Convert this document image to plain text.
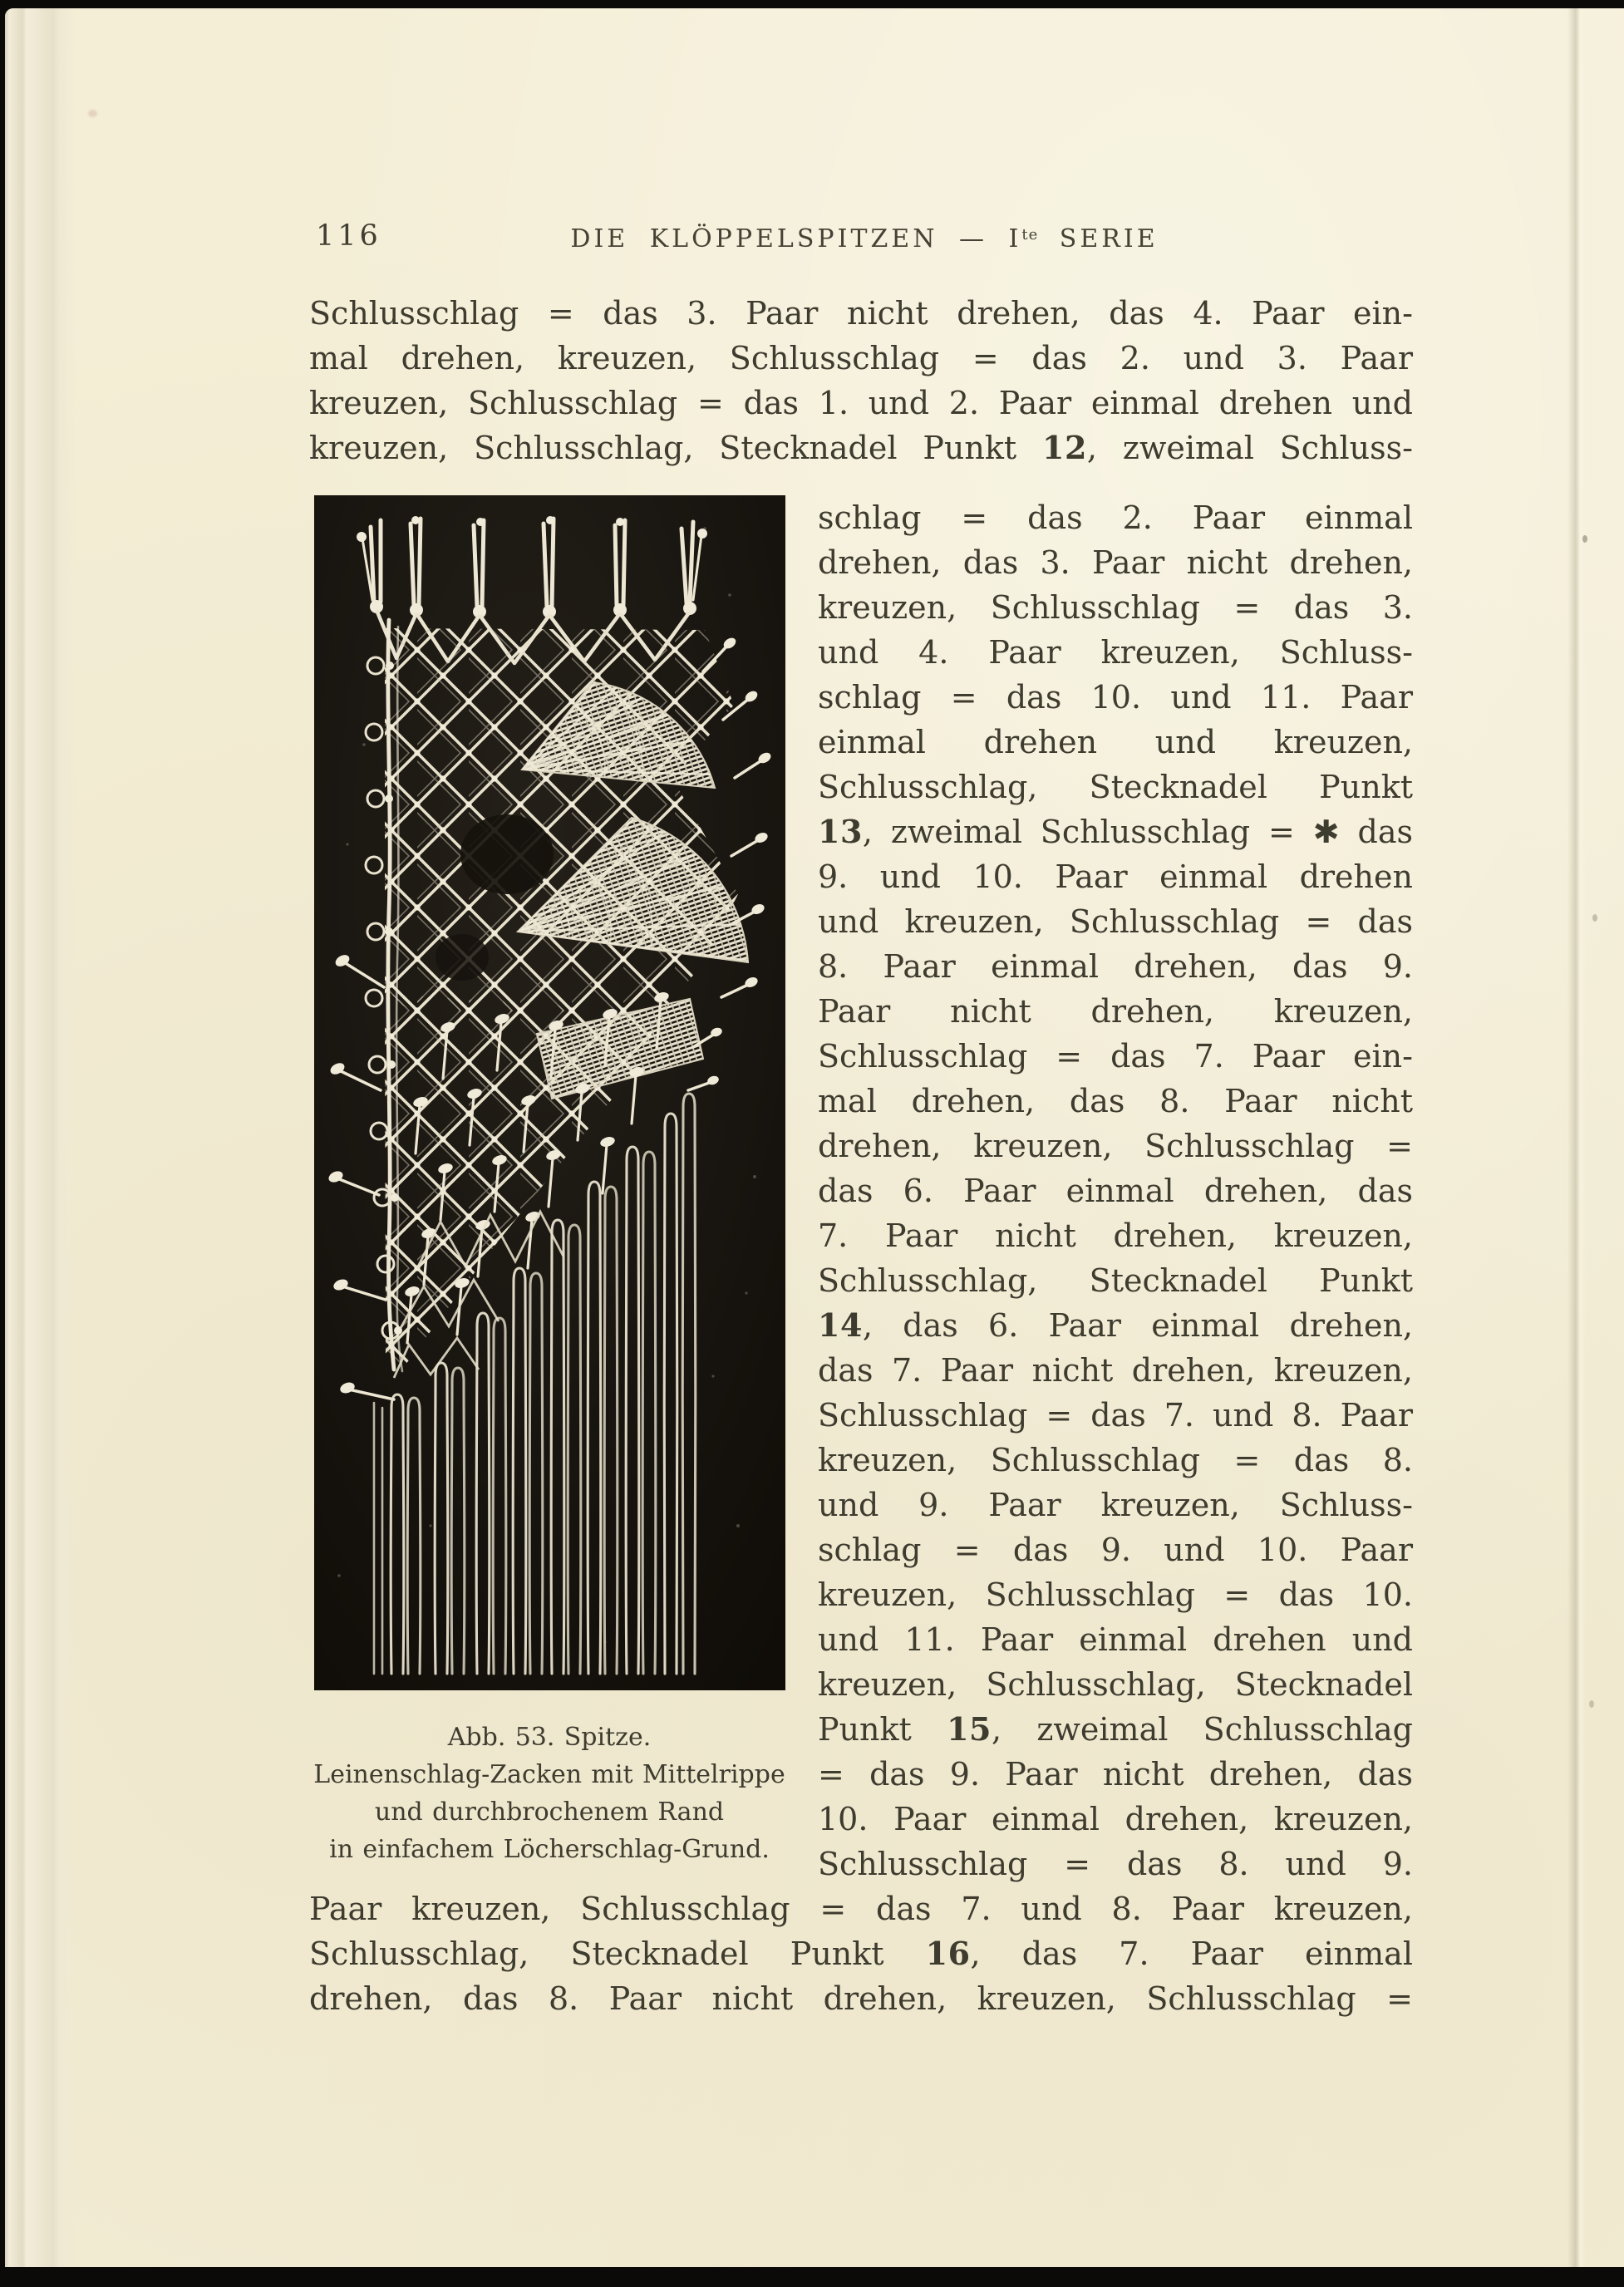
116	DIE KLÖPPELSPITZEN — $I^{te}$ SERIE
Schlusschlag = das 3. Paar nicht drehen, das 4. Paar ein-
mal drehen, kreuzen, Schlusschlag = das 2. und 3. Paar
kreuzen, Schlusschlag = das 1. und 2. Paar einmal drehen und
kreuzen, Schlusschlag, Stecknadel Punkt 12, zweimal Schluss-
Abb. 53. Spitze.
Leinenschlag-Zacken mit Mittelrippe
und durchbrochenem Rand
in einfachem Löcherschlag-Grund.
schlag = das 2. Paar einmal
drehen, das 3. Paar nicht drehen,
kreuzen, Schlusschlag = das 3.
und 4. Paar kreuzen, Schluss-
schlag = das 10. und 11. Paar
einmal drehen und kreuzen,
Schlusschlag, Stecknadel Punkt
13, zweimal Schlusschlag = ✱ das
9. und 10. Paar einmal drehen
und kreuzen, Schlusschlag = das
8. Paar einmal drehen, das 9.
Paar nicht drehen, kreuzen,
Schlusschlag = das 7. Paar ein-
mal drehen, das 8. Paar nicht
drehen, kreuzen, Schlusschlag =
das 6. Paar einmal drehen, das
7. Paar nicht drehen, kreuzen,
Schlusschlag, Stecknadel Punkt
14, das 6. Paar einmal drehen,
das 7. Paar nicht drehen, kreuzen,
Schlusschlag = das 7. und 8. Paar
kreuzen, Schlusschlag = das 8.
und 9. Paar kreuzen, Schluss-
schlag = das 9. und 10. Paar
kreuzen, Schlusschlag = das 10.
und 11. Paar einmal drehen und
kreuzen, Schlusschlag, Stecknadel
Punkt 15, zweimal Schlusschlag
= das 9. Paar nicht drehen, das
10. Paar einmal drehen, kreuzen,
Schlusschlag = das 8. und 9.
Paar kreuzen, Schlusschlag = das 7. und 8. Paar kreuzen,
Schlusschlag, Stecknadel Punkt 16, das 7. Paar einmal
drehen, das 8. Paar nicht drehen, kreuzen, Schlusschlag =
